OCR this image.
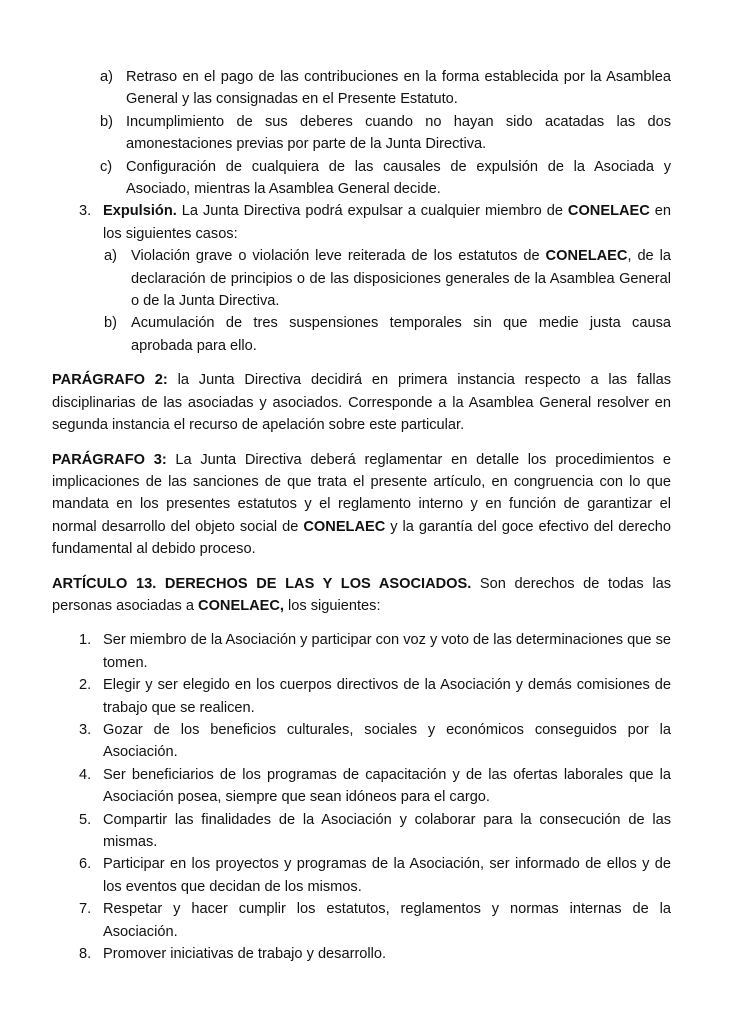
a) Retraso en el pago de las contribuciones en la forma establecida por la Asamblea General y las consignadas en el Presente Estatuto.
b) Incumplimiento de sus deberes cuando no hayan sido acatadas las dos amonestaciones previas por parte de la Junta Directiva.
c) Configuración de cualquiera de las causales de expulsión de la Asociada y Asociado, mientras la Asamblea General decide.
3. Expulsión. La Junta Directiva podrá expulsar a cualquier miembro de CONELAEC en los siguientes casos:
a) Violación grave o violación leve reiterada de los estatutos de CONELAEC, de la declaración de principios o de las disposiciones generales de la Asamblea General o de la Junta Directiva.
b) Acumulación de tres suspensiones temporales sin que medie justa causa aprobada para ello.

PARÁGRAFO 2: la Junta Directiva decidirá en primera instancia respecto a las fallas disciplinarias de las asociadas y asociados. Corresponde a la Asamblea General resolver en segunda instancia el recurso de apelación sobre este particular.

PARÁGRAFO 3: La Junta Directiva deberá reglamentar en detalle los procedimientos e implicaciones de las sanciones de que trata el presente artículo, en congruencia con lo que mandata en los presentes estatutos y el reglamento interno y en función de garantizar el normal desarrollo del objeto social de CONELAEC y la garantía del goce efectivo del derecho fundamental al debido proceso.

ARTÍCULO 13. DERECHOS DE LAS Y LOS ASOCIADOS. Son derechos de todas las personas asociadas a CONELAEC, los siguientes:

1. Ser miembro de la Asociación y participar con voz y voto de las determinaciones que se tomen.
2. Elegir y ser elegido en los cuerpos directivos de la Asociación y demás comisiones de trabajo que se realicen.
3. Gozar de los beneficios culturales, sociales y económicos conseguidos por la Asociación.
4. Ser beneficiarios de los programas de capacitación y de las ofertas laborales que la Asociación posea, siempre que sean idóneos para el cargo.
5. Compartir las finalidades de la Asociación y colaborar para la consecución de las mismas.
6. Participar en los proyectos y programas de la Asociación, ser informado de ellos y de los eventos que decidan de los mismos.
7. Respetar y hacer cumplir los estatutos, reglamentos y normas internas de la Asociación.
8. Promover iniciativas de trabajo y desarrollo.
